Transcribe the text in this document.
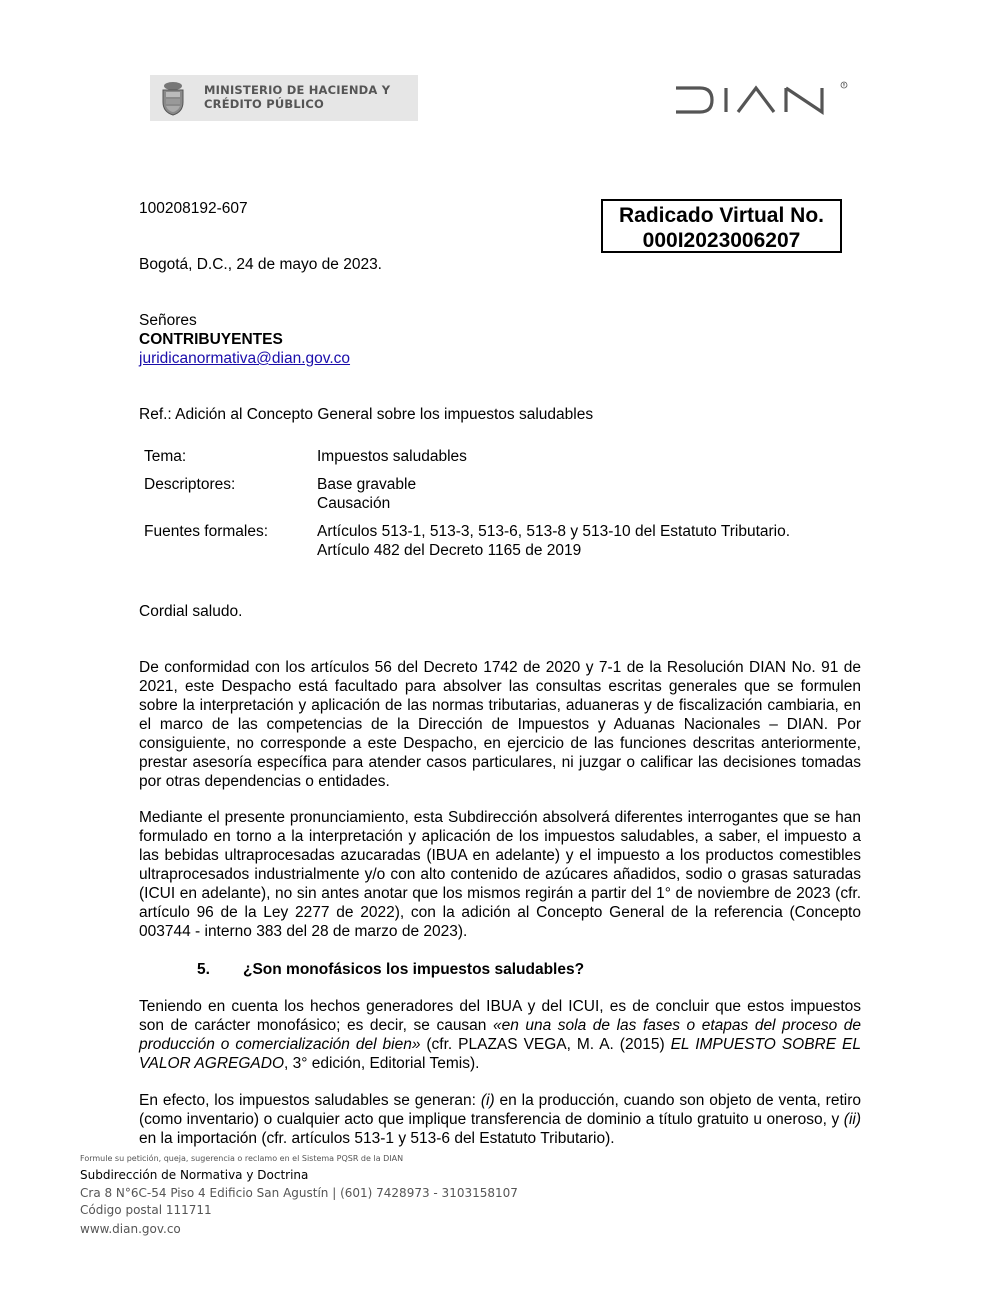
MINISTERIO DE HACIENDA Y
CRÉDITO PÚBLICO
R
100208192-607	Radicado Virtual No.
000I2023006207
Bogotá, D.C., 24 de mayo de 2023.
Señores
CONTRIBUYENTES
juridicanormativa@dian.gov.co
Ref.: Adición al Concepto General sobre los impuestos saludables
Tema:	Impuestos saludables
Descriptores:	Base gravable
Causación
Fuentes formales:	Artículos 513-1, 513-3, 513-6, 513-8 y 513-10 del Estatuto Tributario.
Artículo 482 del Decreto 1165 de 2019
Cordial saludo.
De conformidad con los artículos 56 del Decreto 1742 de 2020 y 7-1 de la Resolución DIAN No. 91 de 2021, este Despacho está facultado para absolver las consultas escritas generales que se formulen sobre la interpretación y aplicación de las normas tributarias, aduaneras y de fiscalización cambiaria, en el marco de las competencias de la Dirección de Impuestos y Aduanas Nacionales – DIAN. Por consiguiente, no corresponde a este Despacho, en ejercicio de las funciones descritas anteriormente, prestar asesoría específica para atender casos particulares, ni juzgar o calificar las decisiones tomadas por otras dependencias o entidades.
Mediante el presente pronunciamiento, esta Subdirección absolverá diferentes interrogantes que se han formulado en torno a la interpretación y aplicación de los impuestos saludables, a saber, el impuesto a las bebidas ultraprocesadas azucaradas (IBUA en adelante) y el impuesto a los productos comestibles ultraprocesados industrialmente y/o con alto contenido de azúcares añadidos, sodio o grasas saturadas (ICUI en adelante), no sin antes anotar que los mismos regirán a partir del 1° de noviembre de 2023 (cfr. artículo 96 de la Ley 2277 de 2022), con la adición al Concepto General de la referencia (Concepto 003744 - interno 383 del 28 de marzo de 2023).
5. ¿Son monofásicos los impuestos saludables?
Teniendo en cuenta los hechos generadores del IBUA y del ICUI, es de concluir que estos impuestos son de carácter monofásico; es decir, se causan «en una sola de las fases o etapas del proceso de producción o comercialización del bien» (cfr. PLAZAS VEGA, M. A. (2015) EL IMPUESTO SOBRE EL VALOR AGREGADO, 3° edición, Editorial Temis).
En efecto, los impuestos saludables se generan: (i) en la producción, cuando son objeto de venta, retiro (como inventario) o cualquier acto que implique transferencia de dominio a título gratuito u oneroso, y (ii) en la importación (cfr. artículos 513-1 y 513-6 del Estatuto Tributario).
Formule su petición, queja, sugerencia o reclamo en el Sistema PQSR de la DIAN
Subdirección de Normativa y Doctrina
Cra 8 N°6C-54 Piso 4 Edificio San Agustín | (601) 7428973 - 3103158107
Código postal 111711
www.dian.gov.co
